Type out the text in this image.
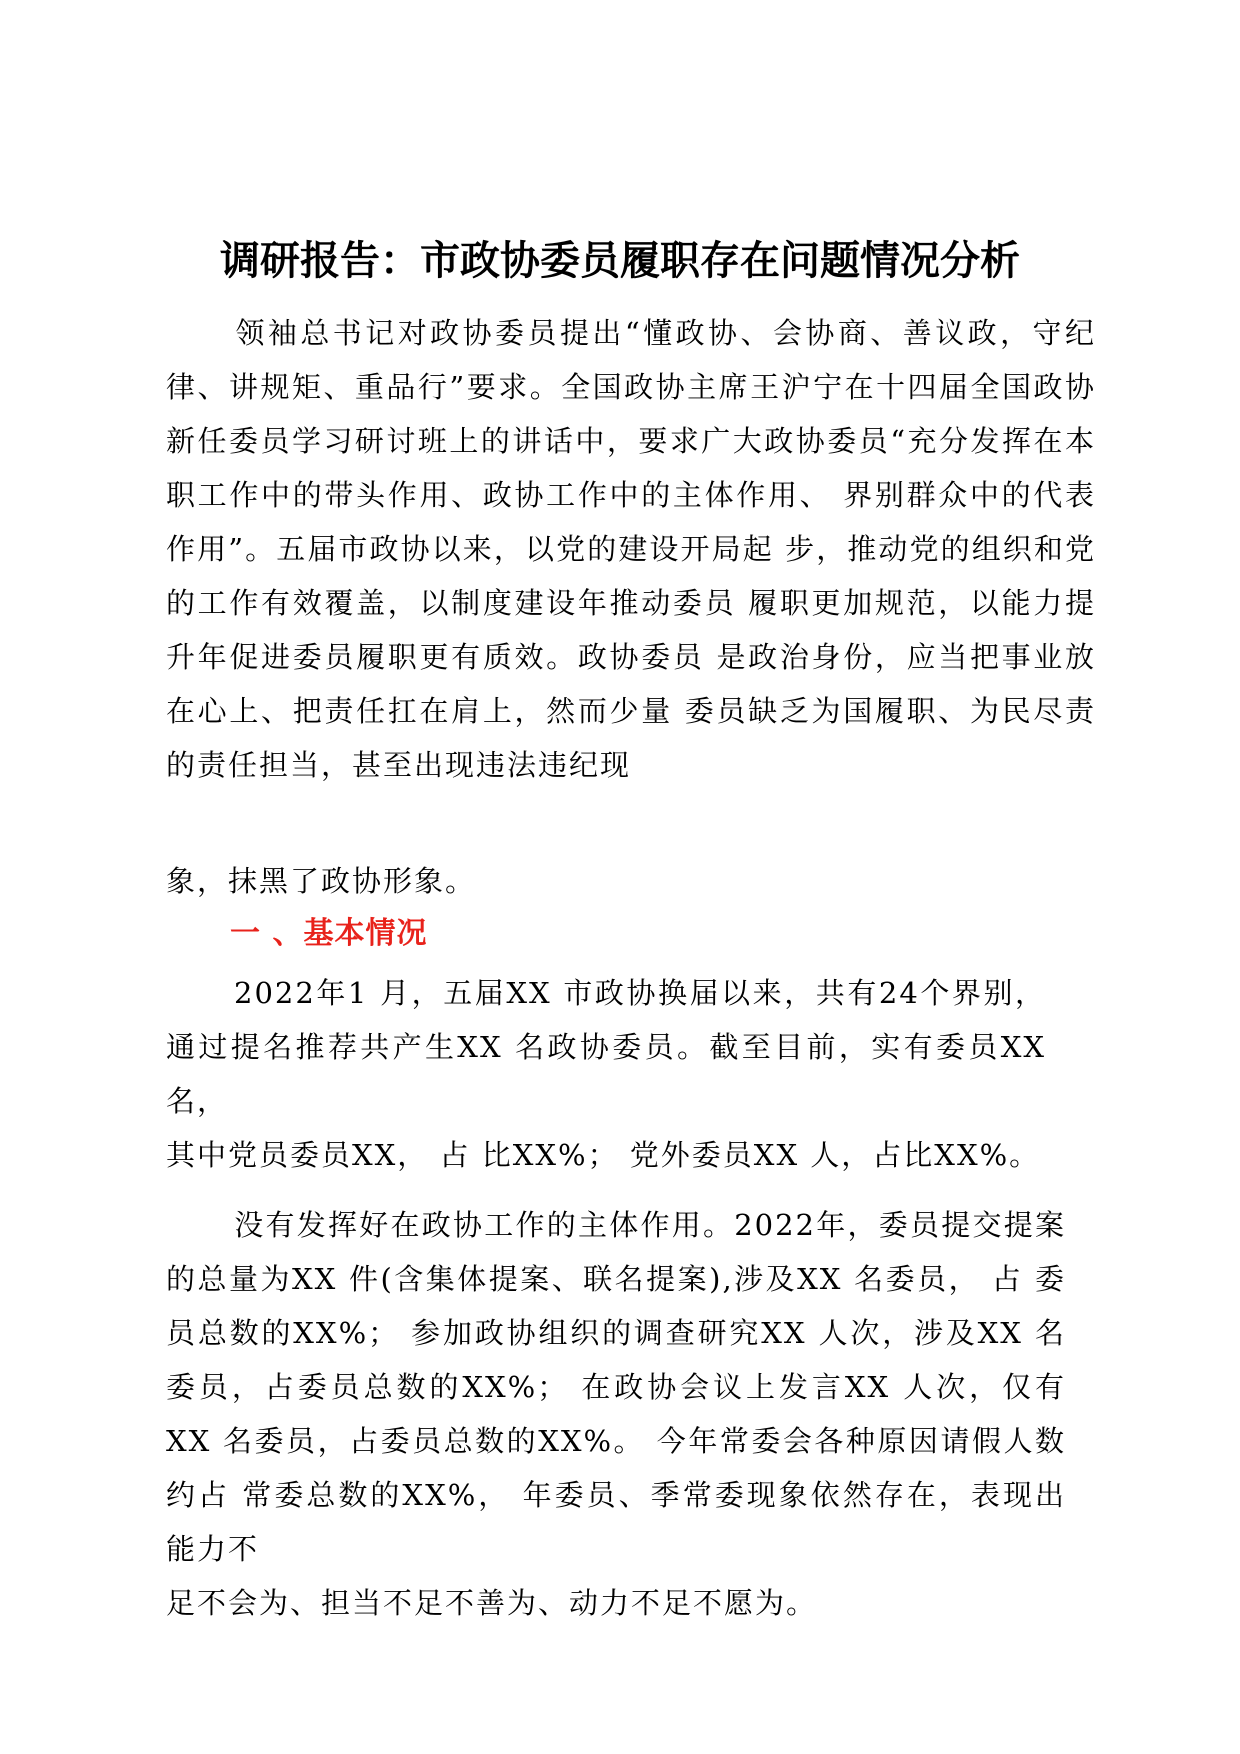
调研报告：市政协委员履职存在问题情况分析
领袖总书记对政协委员提出“懂政协、会协商、善议政，守纪律、讲规矩、重品行”要求。全国政协主席王沪宁在十四届全国政协新任委员学习研讨班上的讲话中，要求广大政协委员“充分发挥在本职工作中的带头作用、政协工作中的主体作用、 界别群众中的代表作用”。五届市政协以来，以党的建设开局起 步，推动党的组织和党的工作有效覆盖，以制度建设年推动委员 履职更加规范，以能力提升年促进委员履职更有质效。政协委员 是政治身份，应当把事业放在心上、把责任扛在肩上，然而少量 委员缺乏为国履职、为民尽责的责任担当，甚至出现违法违纪现
象，抹黑了政协形象。
一 、基本情况
2022年1 月，五届XX 市政协换届以来，共有24个界别， 通过提名推荐共产生XX 名政协委员。截至目前，实有委员XX 名，
其中党员委员XX， 占 比XX%； 党外委员XX 人，占比XX%。
没有发挥好在政协工作的主体作用。2022年，委员提交提案 的总量为XX 件(含集体提案、联名提案),涉及XX 名委员， 占 委员总数的XX%； 参加政协组织的调查研究XX 人次，涉及XX 名 委员，占委员总数的XX%； 在政协会议上发言XX 人次，仅有XX 名委员，占委员总数的XX%。 今年常委会各种原因请假人数约占 常委总数的XX%， 年委员、季常委现象依然存在，表现出能力不
足不会为、担当不足不善为、动力不足不愿为。
